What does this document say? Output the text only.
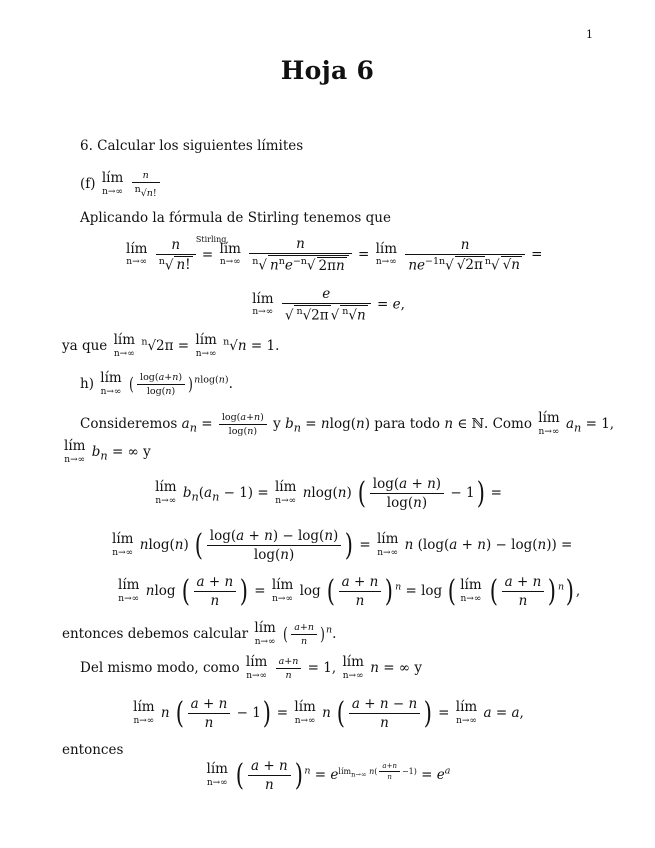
1
Hoja 6
6. Calcular los siguientes límites
(f) lím
n→∞
$\frac{n}{^n√n!}$
Aplicando la fórmula de Stirling tenemos que
lím
n→∞
$\frac{n}{^n√ n!}$
Stirling
= lím
n→∞
$\frac{n}{^n√ n^ne^{-n}√ 2\pi n}$ = lím
n→∞
$\frac{n}{ne^{-1n}√ √2\pi ^n√ √n}$ =
lím
n→∞
$\frac{e}{√ ^n√2\pi √ ^n√n} = e$,
ya que lím
n→∞
$^n$√2π = lím
n→∞
$^n$√n = 1.
h) lím
n→∞ ( $\frac{\log(a+n)}{\log(n)} )^{nlog(n)}$.
Consideremos $a_n = \frac{\log(a+n)}{\log(n)}$ y $b_n = nlog(n)$ para todo n ∈ ℕ. Como lím
n→∞ $a_n = 1$,
lím
n→∞ $b_n$ = ∞ y
lím
n→∞ $b_n(a_n - 1)$ = lím
n→∞ nlog(n) ( $\frac{\log(a + n)}{\log(n)} - 1$) =
lím
n→∞ nlog(n) ( $\frac{\log(a + n) - \log(n)}{\log(n)}$ ) = lím
n→∞ n (log(a + n) − log(n)) =
lím
n→∞ nlog ( $\frac{a + n}{n}$ ) = lím
n→∞ log ( $\frac{a + n}{n}$ ) $^n$ = log ( lím
n→∞ ( $\frac{a + n}{n}$ ) $^n$) ,
entonces debemos calcular lím
n→∞ ( $\frac{a+n}{n} )^n$.
Del mismo modo, como lím
n→∞
$\frac{a+n}{n} = 1$, lím
n→∞ n = ∞ y
lím
n→∞ n ( $\frac{a + n}{n} - 1$) = lím
n→∞ n ( $\frac{a + n - n}{n}$ ) = lím
n→∞ a = a,
entonces
lím
n→∞ ( $\frac{a + n}{n}$ ) $^n = e^{lím_{n\to\infty} n( \frac{a+n}{n} -1)} = e^a$
